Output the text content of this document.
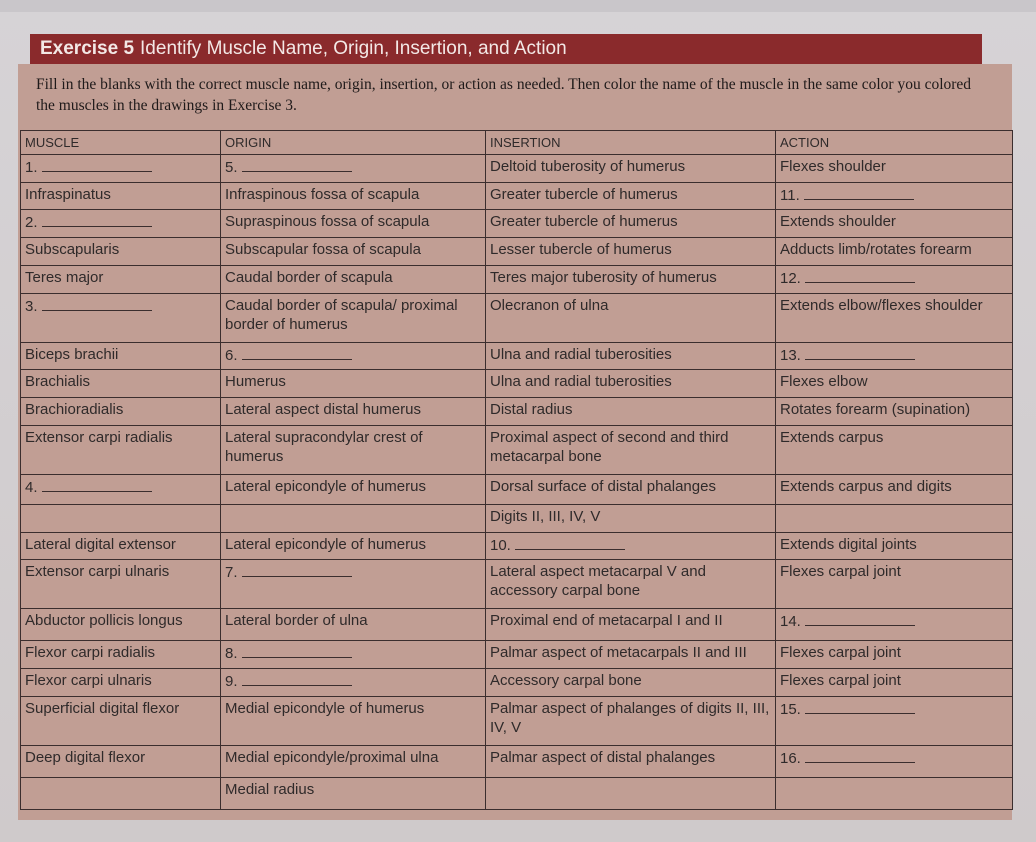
Exercise 5 Identify Muscle Name, Origin, Insertion, and Action
Fill in the blanks with the correct muscle name, origin, insertion, or action as needed. Then color the name of the muscle in the same color you colored the muscles in the drawings in Exercise 3.
MUSCLE	ORIGIN	INSERTION	ACTION
1.	5.	Deltoid tuberosity of humerus	Flexes shoulder
Infraspinatus	Infraspinous fossa of scapula	Greater tubercle of humerus	11.
2.	Supraspinous fossa of scapula	Greater tubercle of humerus	Extends shoulder
Subscapularis	Subscapular fossa of scapula	Lesser tubercle of humerus	Adducts limb/rotates forearm
Teres major	Caudal border of scapula	Teres major tuberosity of humerus	12.
3.	Caudal border of scapula/ proximal border of humerus	Olecranon of ulna	Extends elbow/flexes shoulder
Biceps brachii	6.	Ulna and radial tuberosities	13.
Brachialis	Humerus	Ulna and radial tuberosities	Flexes elbow
Brachioradialis	Lateral aspect distal humerus	Distal radius	Rotates forearm (supination)
Extensor carpi radialis	Lateral supracondylar crest of humerus	Proximal aspect of second and third metacarpal bone	Extends carpus
4.	Lateral epicondyle of humerus	Dorsal surface of distal phalanges	Extends carpus and digits
		Digits II, III, IV, V	
Lateral digital extensor	Lateral epicondyle of humerus	10.	Extends digital joints
Extensor carpi ulnaris	7.	Lateral aspect metacarpal V and accessory carpal bone	Flexes carpal joint
Abductor pollicis longus	Lateral border of ulna	Proximal end of metacarpal I and II	14.
Flexor carpi radialis	8.	Palmar aspect of metacarpals II and III	Flexes carpal joint
Flexor carpi ulnaris	9.	Accessory carpal bone	Flexes carpal joint
Superficial digital flexor	Medial epicondyle of humerus	Palmar aspect of phalanges of digits II, III, IV, V	15.
Deep digital flexor	Medial epicondyle/proximal ulna	Palmar aspect of distal phalanges	16.
	Medial radius		
